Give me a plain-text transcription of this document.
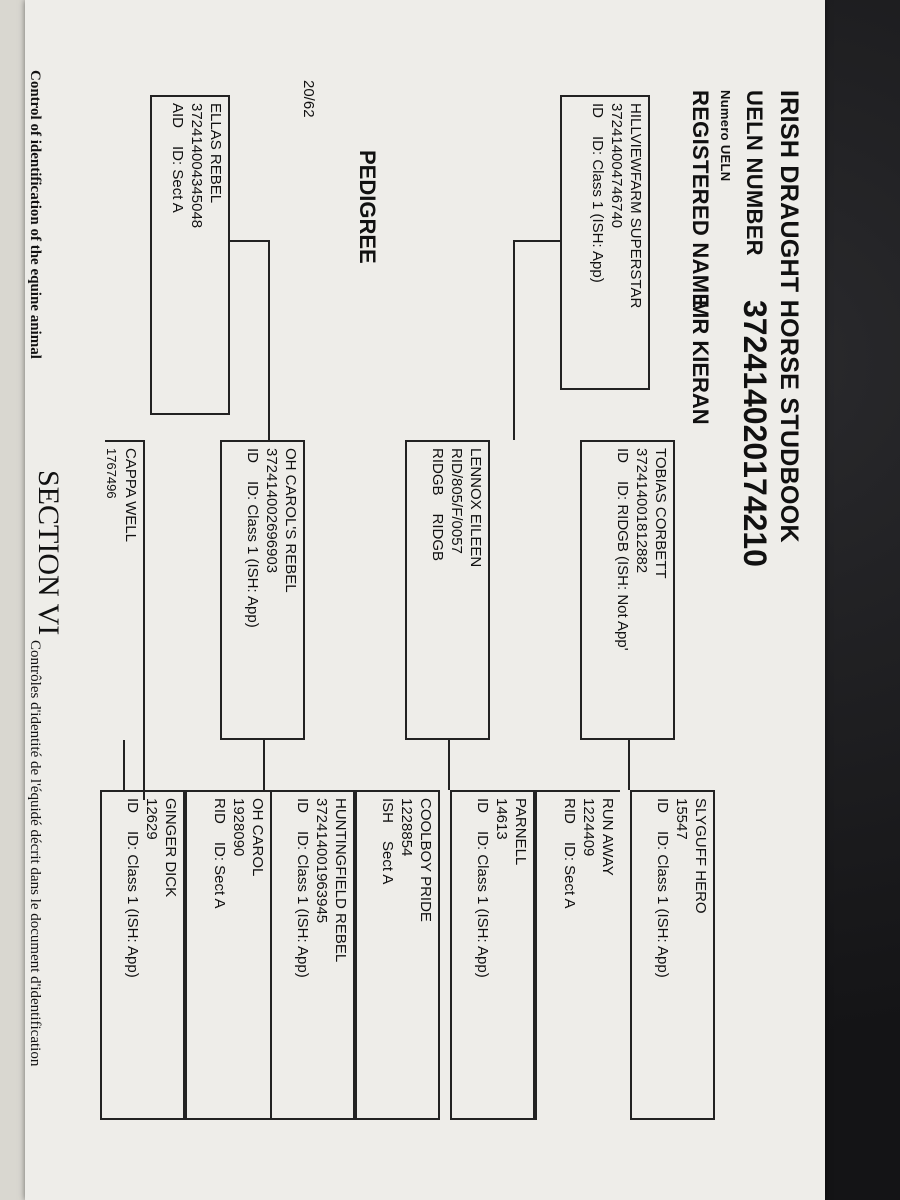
IRISH DRAUGHT HORSE STUDBOOK
UELN NUMBER
Numero UELN
REGISTERED NAME
372414020174210
MR KIERAN
PEDIGREE
20/62
HILLVIEWFARM SUPERSTAR
372414004746740
ID
ID: Class 1 (ISH: App)
ELLAS REBEL
372414004345048
AID
ID: Sect A
TOBIAS CORBETT
372414001812882
ID
ID: RIDGB (ISH: Not App'
LENNOX EILEEN
RID/805/F/0057
RIDGB
RIDGB
OH CAROL'S REBEL
372414002696903
ID
ID: Class 1 (ISH: App)
CAPPA WELL
1767496
SLYGUFF HERO
15547
ID
ID: Class 1 (ISH: App)
RUN AWAY
1224409
RID
ID: Sect A
PARNELL
14613
ID
ID: Class 1 (ISH: App)
COOLBOY PRIDE
1228854
ISH
Sect A
HUNTINGFIELD REBEL
372414001963945
ID
ID: Class 1 (ISH: App)
OH CAROL
1928090
RID
ID: Sect A
GINGER DICK
12629
ID
ID: Class 1 (ISH: App)
Control of identification of the equine animal
SECTION VI
Contrôles d'identité de l'équidé décrit dans le document d'identification
